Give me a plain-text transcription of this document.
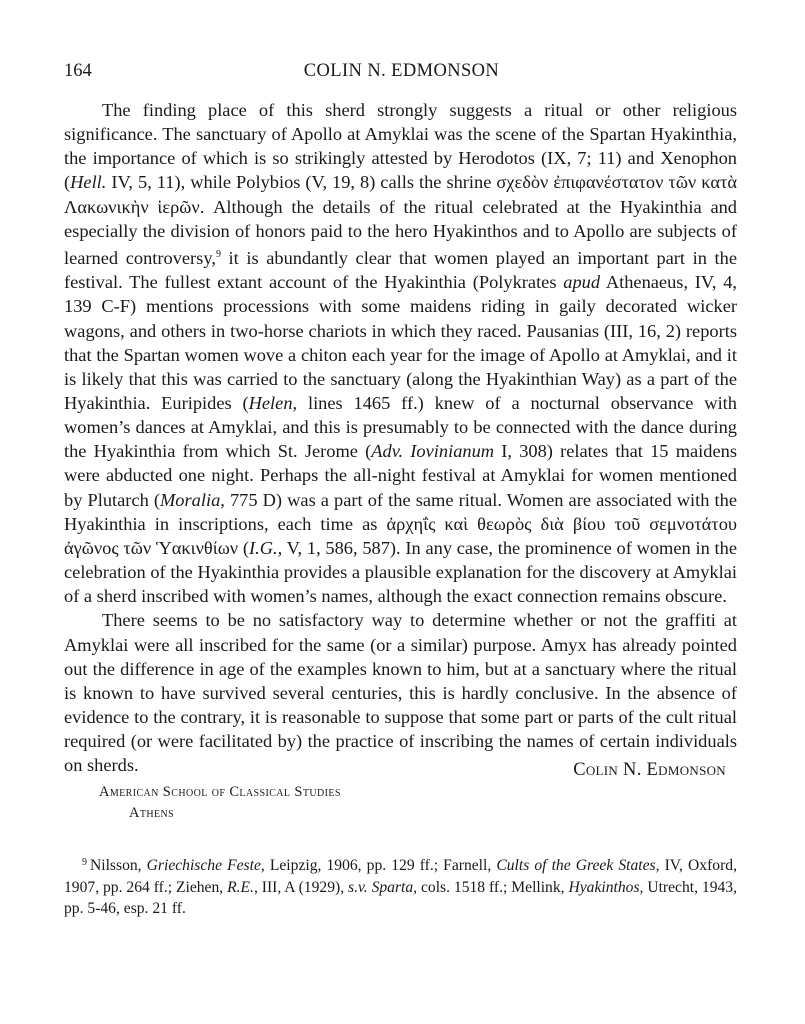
164	COLIN N. EDMONSON

The finding place of this sherd strongly suggests a ritual or other religious significance. The sanctuary of Apollo at Amyklai was the scene of the Spartan Hyakinthia, the importance of which is so strikingly attested by Herodotos (IX, 7; 11) and Xenophon (Hell. IV, 5, 11), while Polybios (V, 19, 8) calls the shrine σχεδὸν ἐπιφανέστατον τῶν κατὰ Λακωνικὴν ἱερῶν. Although the details of the ritual celebrated at the Hyakinthia and especially the division of honors paid to the hero Hyakinthos and to Apollo are subjects of learned controversy,$^9$ it is abundantly clear that women played an important part in the festival. The fullest extant account of the Hyakinthia (Polykrates apud Athenaeus, IV, 4, 139 C-F) mentions processions with some maidens riding in gaily decorated wicker wagons, and others in two-horse chariots in which they raced. Pausanias (III, 16, 2) reports that the Spartan women wove a chiton each year for the image of Apollo at Amyklai, and it is likely that this was carried to the sanctuary (along the Hyakinthian Way) as a part of the Hyakinthia. Euripides (Helen, lines 1465 ff.) knew of a nocturnal observance with women’s dances at Amyklai, and this is presumably to be connected with the dance during the Hyakinthia from which St. Jerome (Adv. Iovinianum I, 308) relates that 15 maidens were abducted one night. Perhaps the all-night festival at Amyklai for women mentioned by Plutarch (Moralia, 775 D) was a part of the same ritual. Women are associated with the Hyakinthia in inscriptions, each time as ἀρχηΐς καὶ θεωρὸς διὰ βίου τοῦ σεμνοτάτου ἀγῶνος τῶν Ὑακινθίων (I.G., V, 1, 586, 587). In any case, the prominence of women in the celebration of the Hyakinthia provides a plausible explanation for the discovery at Amyklai of a sherd inscribed with women’s names, although the exact connection remains obscure.

There seems to be no satisfactory way to determine whether or not the graffiti at Amyklai were all inscribed for the same (or a similar) purpose. Amyx has already pointed out the difference in age of the examples known to him, but at a sanctuary where the ritual is known to have survived several centuries, this is hardly conclusive. In the absence of evidence to the contrary, it is reasonable to suppose that some part or parts of the cult ritual required (or were facilitated by) the practice of inscribing the names of certain individuals on sherds.	Colin N. Edmonson
American School of Classical Studies
Athens
$^9$ Nilsson, Griechische Feste, Leipzig, 1906, pp. 129 ff.; Farnell, Cults of the Greek States, IV, Oxford, 1907, pp. 264 ff.; Ziehen, R.E., III, A (1929), s.v. Sparta, cols. 1518 ff.; Mellink, Hyakinthos, Utrecht, 1943, pp. 5-46, esp. 21 ff.
